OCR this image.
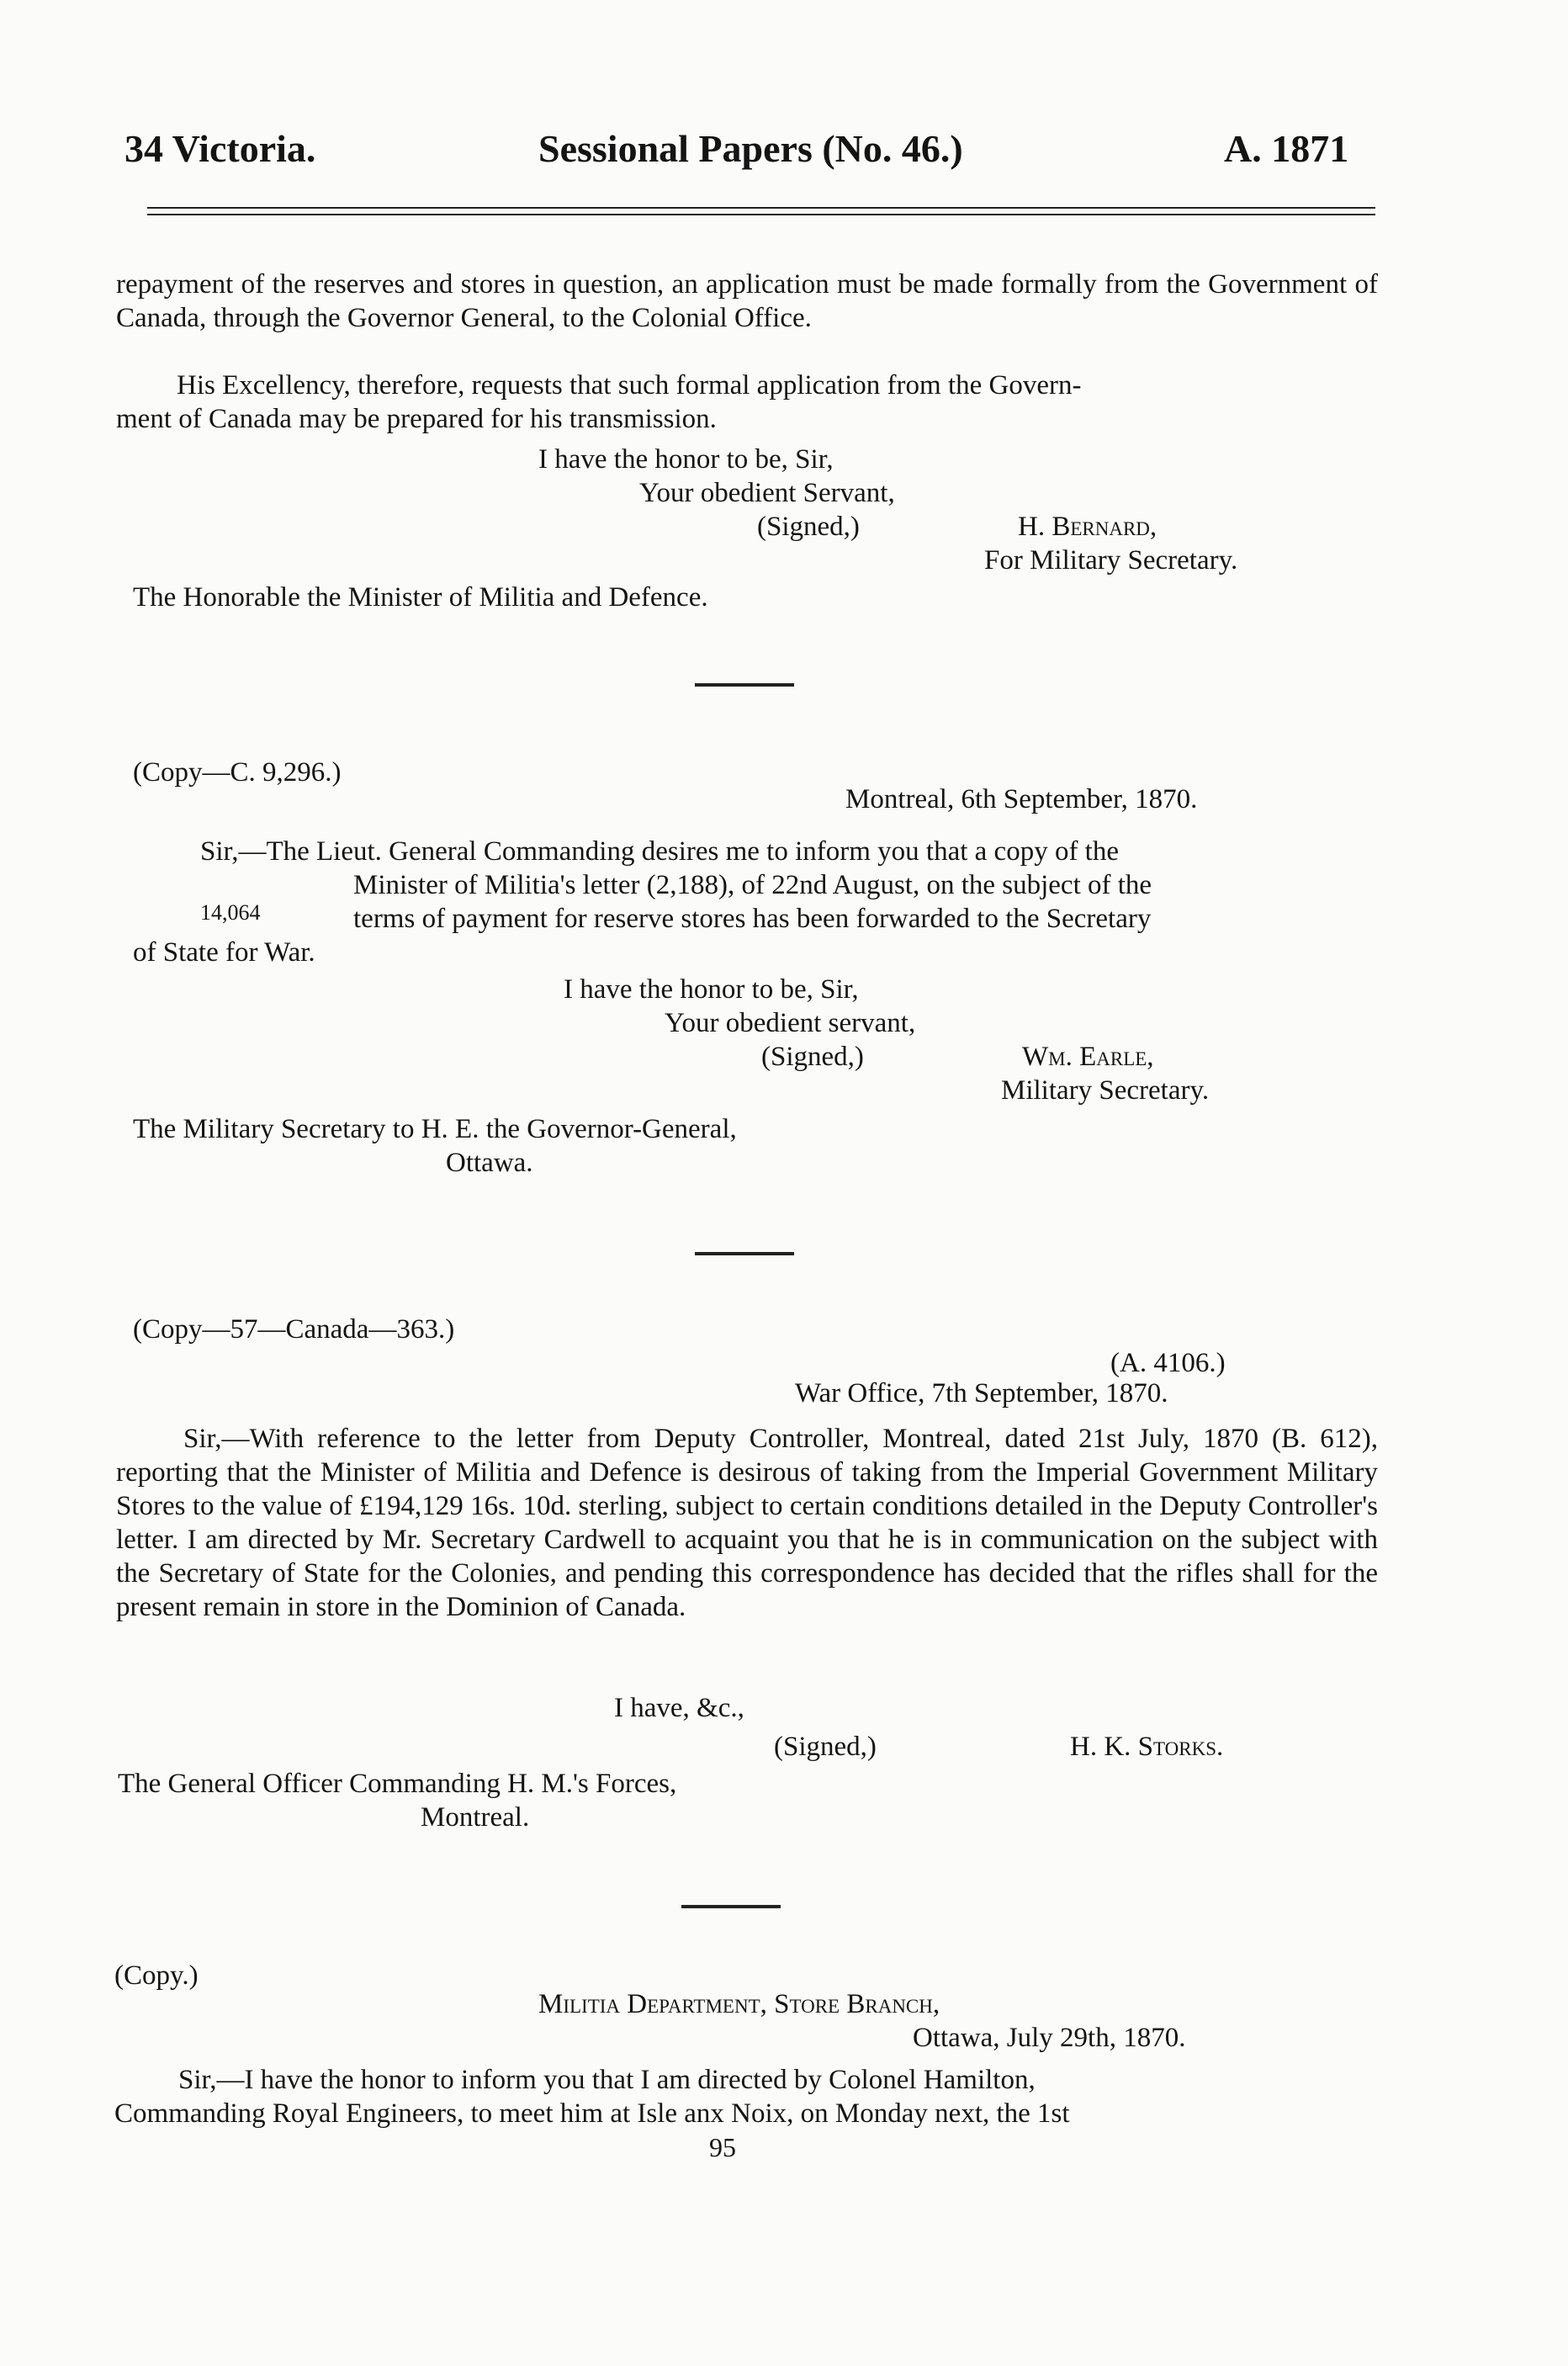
34 Victoria.	Sessional Papers (No. 46.)	A. 1871
repayment of the reserves and stores in question, an application must be made formally from the Government of Canada, through the Governor General, to the Colonial Office.
His Excellency, therefore, requests that such formal application from the Govern-
ment of Canada may be prepared for his transmission.
I have the honor to be, Sir,
Your obedient Servant,
(Signed,)	H. Bernard,
For Military Secretary.
The Honorable the Minister of Militia and Defence.
(Copy—C. 9,296.)
Montreal, 6th September, 1870.
Sir,—The Lieut. General Commanding desires me to inform you that a copy of the
Minister of Militia's letter (2,188), of 22nd August, on the subject of the
14,064	terms of payment for reserve stores has been forwarded to the Secretary
of State for War.
I have the honor to be, Sir,
Your obedient servant,
(Signed,)	Wm. Earle,
Military Secretary.
The Military Secretary to H. E. the Governor-General,
Ottawa.
(Copy—57—Canada—363.)
(A. 4106.)
War Office, 7th September, 1870.
Sir,—With reference to the letter from Deputy Controller, Montreal, dated 21st July, 1870 (B. 612), reporting that the Minister of Militia and Defence is desirous of taking from the Imperial Government Military Stores to the value of £194,129 16s. 10d. sterling, subject to certain conditions detailed in the Deputy Controller's letter. I am directed by Mr. Secretary Cardwell to acquaint you that he is in communication on the subject with the Secretary of State for the Colonies, and pending this correspondence has decided that the rifles shall for the present remain in store in the Dominion of Canada.
I have, &c.,
(Signed,)	H. K. Storks.
The General Officer Commanding H. M.'s Forces,
Montreal.
(Copy.)
Militia Department, Store Branch,
Ottawa, July 29th, 1870.
Sir,—I have the honor to inform you that I am directed by Colonel Hamilton,
Commanding Royal Engineers, to meet him at Isle anx Noix, on Monday next, the 1st
95
